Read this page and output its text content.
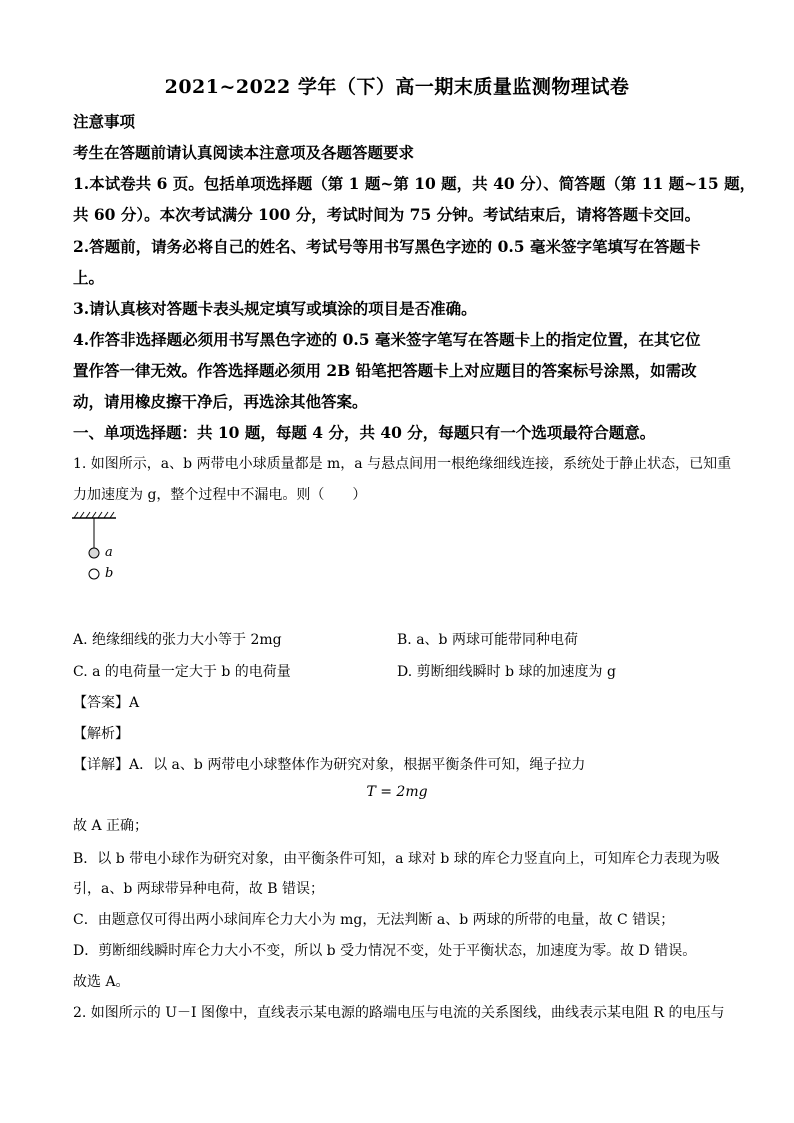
2021~2022 学年（下）高一期末质量监测物理试卷
注意事项
考生在答题前请认真阅读本注意项及各题答题要求
1.本试卷共 6 页。包括单项选择题（第 1 题~第 10 题，共 40 分）、简答题（第 11 题~15 题，
共 60 分）。本次考试满分 100 分，考试时间为 75 分钟。考试结束后，请将答题卡交回。
2.答题前，请务必将自己的姓名、考试号等用书写黑色字迹的 0.5 毫米签字笔填写在答题卡
上。
3.请认真核对答题卡表头规定填写或填涂的项目是否准确。
4.作答非选择题必须用书写黑色字迹的 0.5 毫米签字笔写在答题卡上的指定位置，在其它位
置作答一律无效。作答选择题必须用 2B 铅笔把答题卡上对应题目的答案标号涂黑，如需改
动，请用橡皮擦干净后，再选涂其他答案。
一、单项选择题：共 10 题，每题 4 分，共 40 分，每题只有一个选项最符合题意。
1. 如图所示，a、b 两带电小球质量都是 m，a 与悬点间用一根绝缘细线连接，系统处于静止状态，已知重
力加速度为 g，整个过程中不漏电。则（　　）
a
b
A. 绝缘细线的张力大小等于 2mg	B. a、b 两球可能带同种电荷
C. a 的电荷量一定大于 b 的电荷量	D. 剪断细线瞬时 b 球的加速度为 g
【答案】A
【解析】
【详解】A．以 a、b 两带电小球整体作为研究对象，根据平衡条件可知，绳子拉力
T = 2mg
故 A 正确；
B．以 b 带电小球作为研究对象，由平衡条件可知，a 球对 b 球的库仑力竖直向上，可知库仑力表现为吸
引，a、b 两球带异种电荷，故 B 错误；
C．由题意仅可得出两小球间库仑力大小为 mg，无法判断 a、b 两球的所带的电量，故 C 错误；
D．剪断细线瞬时库仑力大小不变，所以 b 受力情况不变，处于平衡状态，加速度为零。故 D 错误。
故选 A。
2. 如图所示的 U－I 图像中，直线表示某电源的路端电压与电流的关系图线，曲线表示某电阻 R 的电压与
